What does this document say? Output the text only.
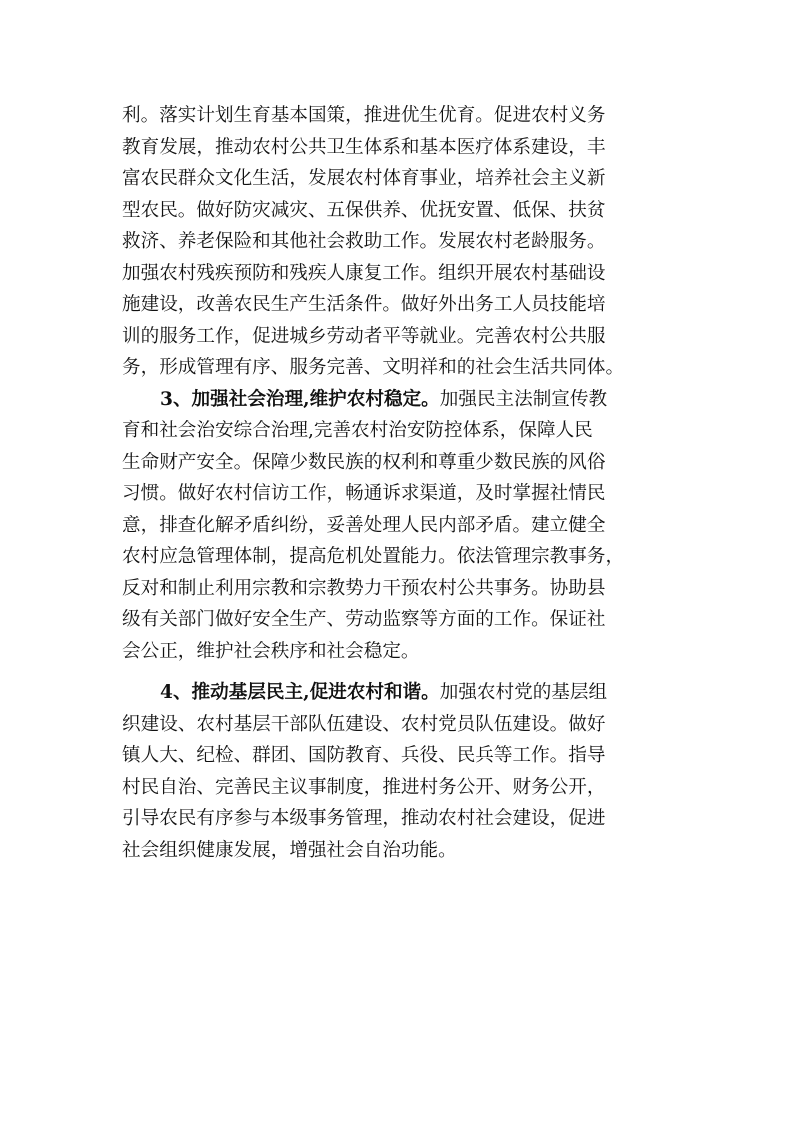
利。落实计划生育基本国策，推进优生优育。促进农村义务
教育发展，推动农村公共卫生体系和基本医疗体系建设，丰
富农民群众文化生活，发展农村体育事业，培养社会主义新
型农民。做好防灾减灾、五保供养、优抚安置、低保、扶贫
救济、养老保险和其他社会救助工作。发展农村老龄服务。
加强农村残疾预防和残疾人康复工作。组织开展农村基础设
施建设，改善农民生产生活条件。做好外出务工人员技能培
训的服务工作，促进城乡劳动者平等就业。完善农村公共服
务，形成管理有序、服务完善、文明祥和的社会生活共同体。
3、加强社会治理,维护农村稳定。加强民主法制宣传教
育和社会治安综合治理,完善农村治安防控体系，保障人民
生命财产安全。保障少数民族的权利和尊重少数民族的风俗
习惯。做好农村信访工作，畅通诉求渠道，及时掌握社情民
意，排查化解矛盾纠纷，妥善处理人民内部矛盾。建立健全
农村应急管理体制，提高危机处置能力。依法管理宗教事务，
反对和制止利用宗教和宗教势力干预农村公共事务。协助县
级有关部门做好安全生产、劳动监察等方面的工作。保证社
会公正，维护社会秩序和社会稳定。
4、推动基层民主,促进农村和谐。加强农村党的基层组
织建设、农村基层干部队伍建设、农村党员队伍建设。做好
镇人大、纪检、群团、国防教育、兵役、民兵等工作。指导
村民自治、完善民主议事制度，推进村务公开、财务公开，
引导农民有序参与本级事务管理，推动农村社会建设，促进
社会组织健康发展，增强社会自治功能。
